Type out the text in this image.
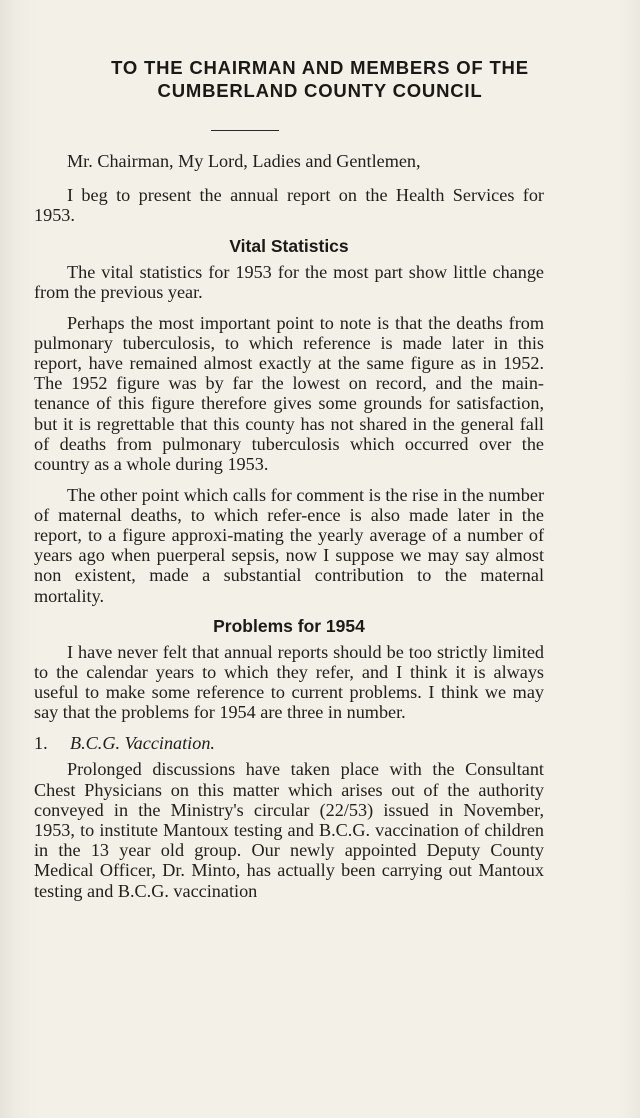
TO THE CHAIRMAN AND MEMBERS OF THE
CUMBERLAND COUNTY COUNCIL

Mr. Chairman, My Lord, Ladies and Gentlemen,

I beg to present the annual report on the Health Services for 1953.

Vital Statistics

The vital statistics for 1953 for the most part show little change from the previous year.

Perhaps the most important point to note is that the deaths from pulmonary tuberculosis, to which reference is made later in this report, have remained almost exactly at the same figure as in 1952. The 1952 figure was by far the lowest on record, and the main-tenance of this figure therefore gives some grounds for satisfaction, but it is regrettable that this county has not shared in the general fall of deaths from pulmonary tuberculosis which occurred over the country as a whole during 1953.

The other point which calls for comment is the rise in the number of maternal deaths, to which refer-ence is also made later in the report, to a figure approxi-mating the yearly average of a number of years ago when puerperal sepsis, now I suppose we may say almost non existent, made a substantial contribution to the maternal mortality.

Problems for 1954

I have never felt that annual reports should be too strictly limited to the calendar years to which they refer, and I think it is always useful to make some reference to current problems. I think we may say that the problems for 1954 are three in number.

1. B.C.G. Vaccination.

Prolonged discussions have taken place with the Consultant Chest Physicians on this matter which arises out of the authority conveyed in the Ministry's circular (22/53) issued in November, 1953, to institute Mantoux testing and B.C.G. vaccination of children in the 13 year old group. Our newly appointed Deputy County Medical Officer, Dr. Minto, has actually been carrying out Mantoux testing and B.C.G. vaccination
